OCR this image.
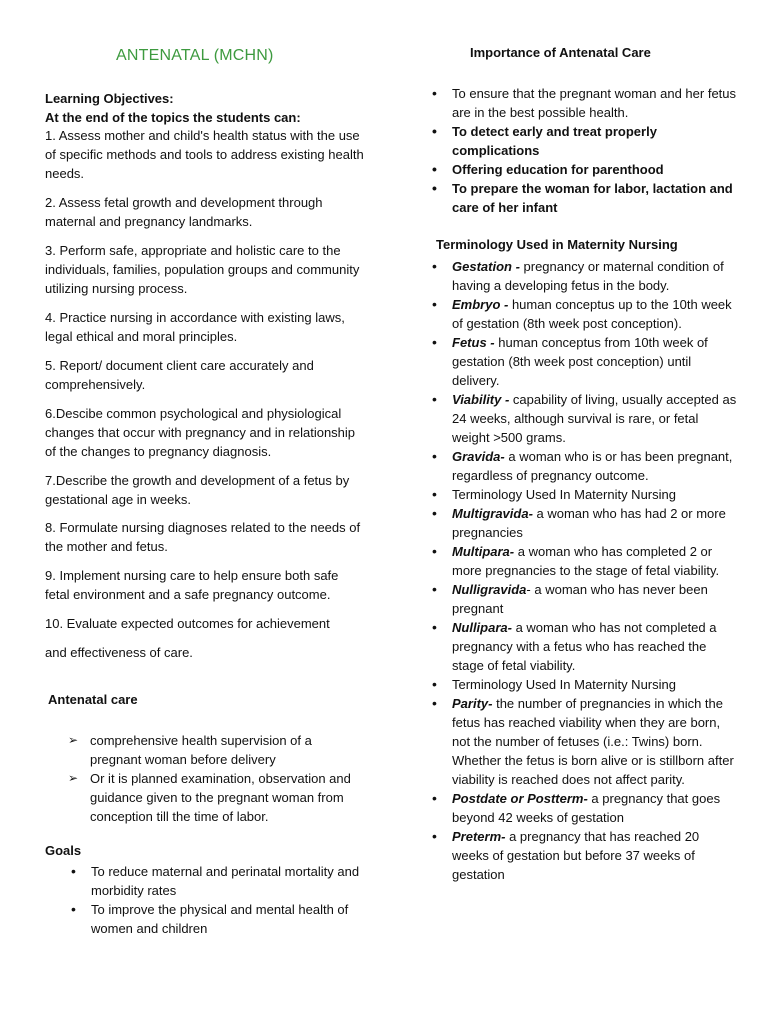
ANTENATAL (MCHN)

Learning Objectives:

At the end of the topics the students can:

1. Assess mother and child's health status with the use of specific methods and tools to address existing health needs.

2. Assess fetal growth and development through maternal and pregnancy landmarks.

3. Perform safe, appropriate and holistic care to the individuals, families, population groups and community utilizing nursing process.

4. Practice nursing in accordance with existing laws, legal ethical and moral principles.

5. Report/ document client care accurately and comprehensively.

6.Descibe common psychological and physiological changes that occur with pregnancy and in relationship of the changes to pregnancy diagnosis.

7.Describe the growth and development of a fetus by gestational age in weeks.

8. Formulate nursing diagnoses related to the needs of the mother and fetus.

9. Implement nursing care to help ensure both safe fetal environment and a safe pregnancy outcome.

10. Evaluate expected outcomes for achievement

and effectiveness of care.

Antenatal care

➢ comprehensive health supervision of a pregnant woman before delivery
➢ Or it is planned examination, observation and guidance given to the pregnant woman from conception till the time of labor.

Goals

• To reduce maternal and perinatal mortality and morbidity rates
• To improve the physical and mental health of women and children
Importance of Antenatal Care
• To ensure that the pregnant woman and her fetus are in the best possible health.
• To detect early and treat properly complications
• Offering education for parenthood
• To prepare the woman for labor, lactation and care of her infant

Terminology Used in Maternity Nursing

• Gestation - pregnancy or maternal condition of having a developing fetus in the body.
• Embryo - human conceptus up to the 10th week of gestation (8th week post conception).
• Fetus - human conceptus from 10th week of gestation (8th week post conception) until delivery.
• Viability - capability of living, usually accepted as 24 weeks, although survival is rare, or fetal weight >500 grams.
• Gravida- a woman who is or has been pregnant, regardless of pregnancy outcome.
• Terminology Used In Maternity Nursing
• Multigravida- a woman who has had 2 or more pregnancies
• Multipara- a woman who has completed 2 or more pregnancies to the stage of fetal viability.
• Nulligravida- a woman who has never been pregnant
• Nullipara- a woman who has not completed a pregnancy with a fetus who has reached the stage of fetal viability.
• Terminology Used In Maternity Nursing
• Parity- the number of pregnancies in which the fetus has reached viability when they are born, not the number of fetuses (i.e.: Twins) born. Whether the fetus is born alive or is stillborn after viability is reached does not affect parity.
• Postdate or Postterm- a pregnancy that goes beyond 42 weeks of gestation
• Preterm- a pregnancy that has reached 20 weeks of gestation but before 37 weeks of gestation
